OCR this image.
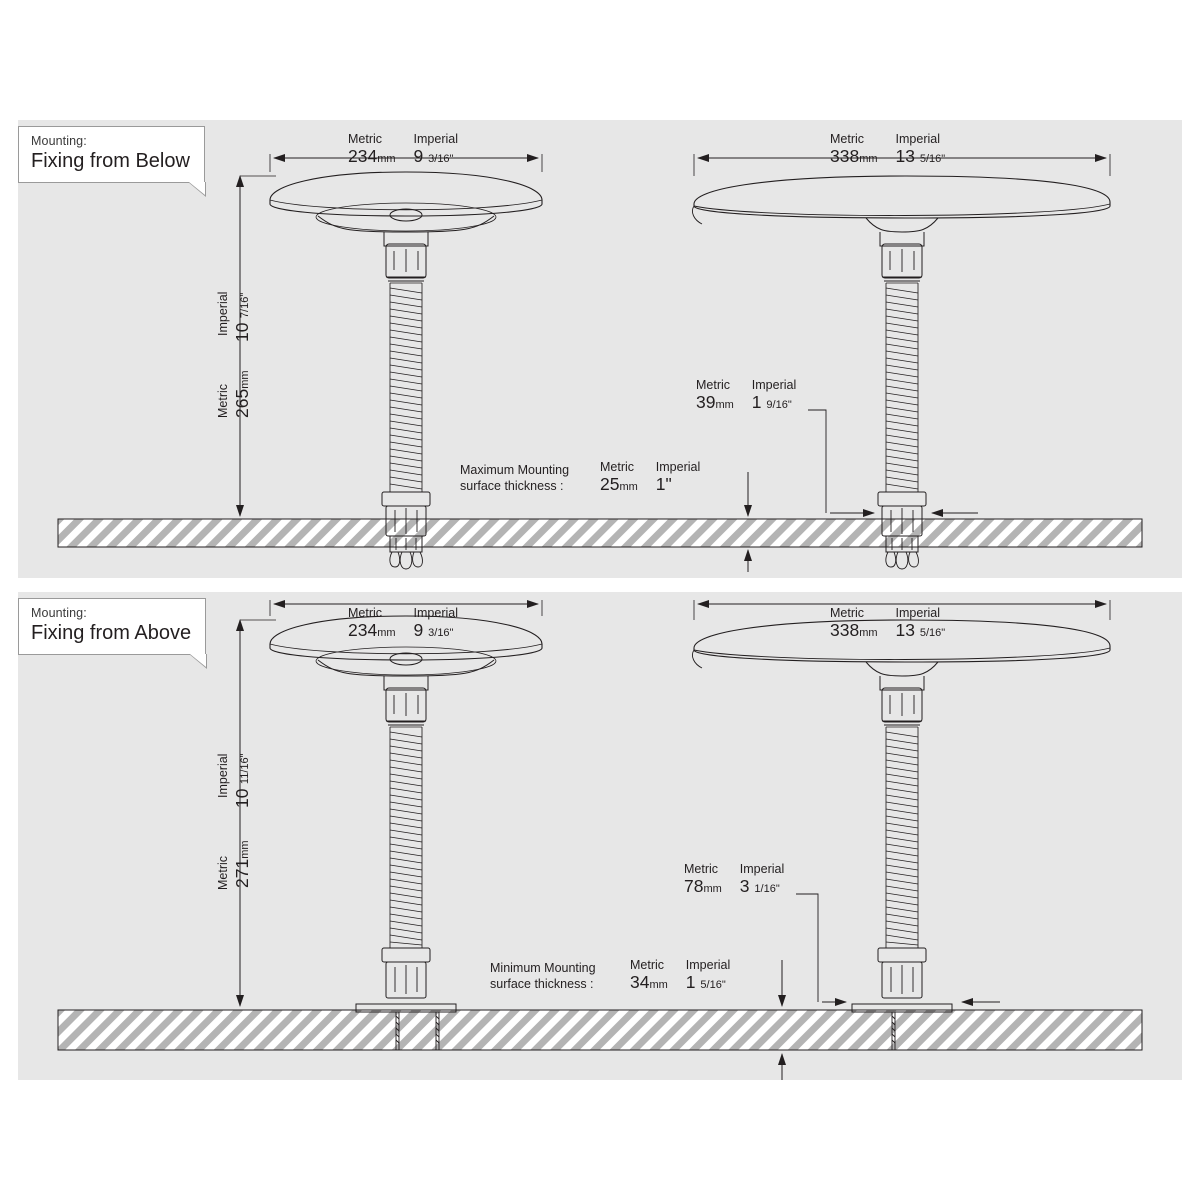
Mounting:
Fixing from Below
Metric
234mm
Imperial
9 3/16"
Metric
338mm
Imperial
13 5/16"
Imperial 10 7/16"
Metric 265mm	Metric
39mm
Imperial
1 9/16"
Maximum Mounting
surface thickness :
Metric
25mm
Imperial
1"
Mounting:
Fixing from Above
Metric
234mm
Imperial
9 3/16"
Metric
338mm
Imperial
13 5/16"
Imperial
10 11/16"
Metric 271mm
Metric
78mm
Imperial
3 1/16"
Minimum Mounting
surface thickness :
Metric
34mm
Imperial
1 5/16"
